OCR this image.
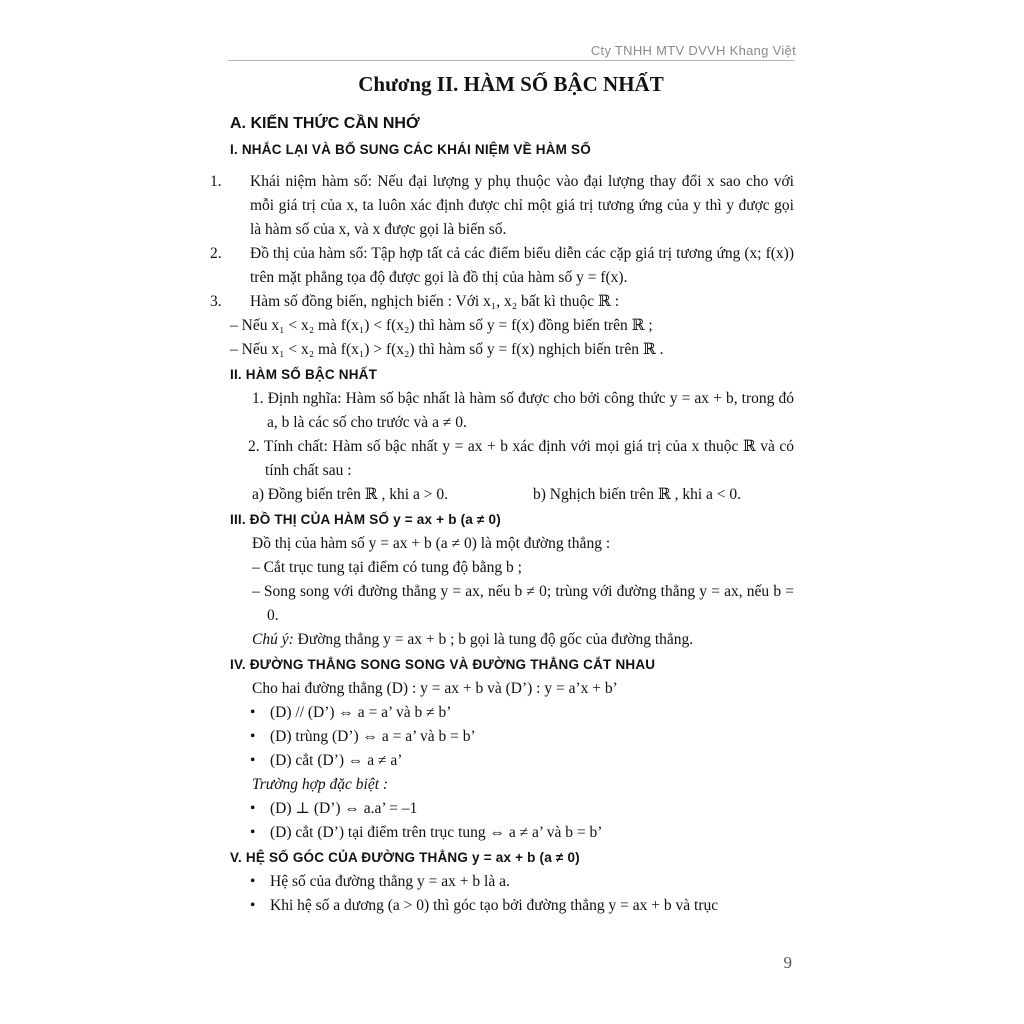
Cty TNHH MTV DVVH Khang Việt
Chương II. HÀM SỐ BẬC NHẤT
A. KIẾN THỨC CẦN NHỚ
I. NHẮC LẠI VÀ BỔ SUNG CÁC KHÁI NIỆM VỀ HÀM SỐ
1. Khái niệm hàm số: Nếu đại lượng y phụ thuộc vào đại lượng thay đổi x sao cho với mỗi giá trị của x, ta luôn xác định được chỉ một giá trị tương ứng của y thì y được gọi là hàm số của x, và x được gọi là biến số.
2. Đồ thị của hàm số: Tập hợp tất cả các điểm biểu diễn các cặp giá trị tương ứng (x; f(x)) trên mặt phẳng tọa độ được gọi là đồ thị của hàm số y = f(x).
3. Hàm số đồng biến, nghịch biến : Với x₁, x₂ bất kì thuộc ℝ :
– Nếu x₁ < x₂ mà f(x₁) < f(x₂) thì hàm số y = f(x) đồng biến trên ℝ ;
– Nếu x₁ < x₂ mà f(x₁) > f(x₂) thì hàm số y = f(x) nghịch biến trên ℝ .
II. HÀM SỐ BẬC NHẤT
1. Định nghĩa: Hàm số bậc nhất là hàm số được cho bởi công thức y = ax + b, trong đó a, b là các số cho trước và a ≠ 0.
2. Tính chất: Hàm số bậc nhất y = ax + b xác định với mọi giá trị của x thuộc ℝ và có tính chất sau :
a) Đồng biến trên ℝ , khi a > 0.	b) Nghịch biến trên ℝ , khi a < 0.
III. ĐỒ THỊ CỦA HÀM SỐ y = ax + b (a ≠ 0)
Đồ thị của hàm số y = ax + b (a ≠ 0) là một đường thẳng :
– Cắt trục tung tại điểm có tung độ bằng b ;
– Song song với đường thẳng y = ax, nếu b ≠ 0; trùng với đường thẳng y = ax, nếu b = 0.
Chú ý: Đường thẳng y = ax + b ; b gọi là tung độ gốc của đường thẳng.
IV. ĐƯỜNG THẲNG SONG SONG VÀ ĐƯỜNG THẲNG CẮT NHAU
Cho hai đường thẳng (D) : y = ax + b và (D’) : y = a’x + b’
• (D) // (D’) ⇔ a = a’ và b ≠ b’
• (D) trùng (D’) ⇔ a = a’ và b = b’
• (D) cắt (D’) ⇔ a ≠ a’
Trường hợp đặc biệt :
• (D) ⊥ (D’) ⇔ a.a’ = –1
• (D) cắt (D’) tại điểm trên trục tung ⇔ a ≠ a’ và b = b’
V. HỆ SỐ GÓC CỦA ĐƯỜNG THẲNG y = ax + b (a ≠ 0)
• Hệ số của đường thẳng y = ax + b là a.
• Khi hệ số a dương (a > 0) thì góc tạo bởi đường thẳng y = ax + b và trục
9
